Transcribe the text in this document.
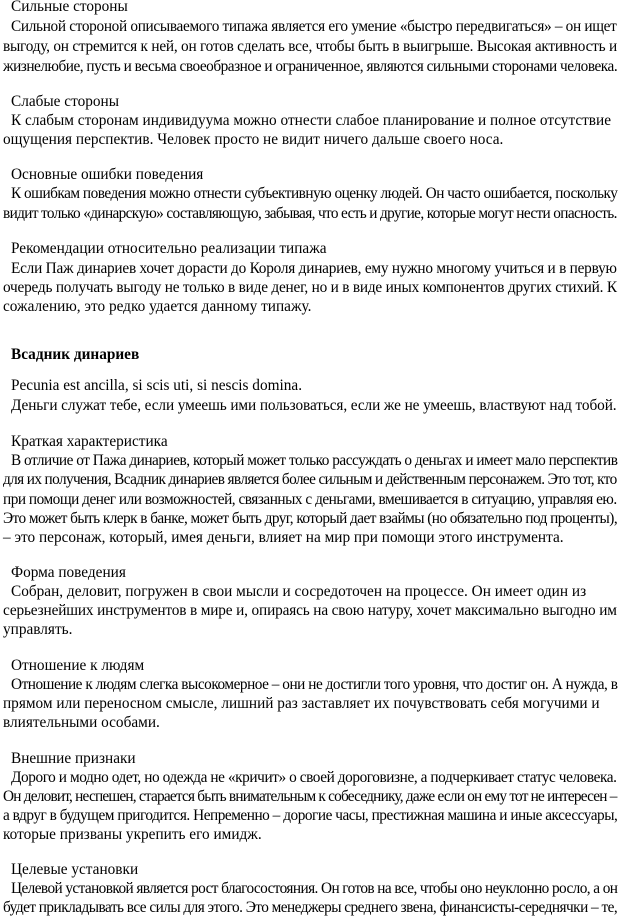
Сильные стороны
Сильной стороной описываемого типажа является его умение «быстро передвигаться» – он ищет
выгоду, он стремится к ней, он готов сделать все, чтобы быть в выигрыше. Высокая активность и
жизнелюбие, пусть и весьма своеобразное и ограниченное, являются сильными сторонами человека.
Слабые стороны
К слабым сторонам индивидуума можно отнести слабое планирование и полное отсутствие
ощущения перспектив. Человек просто не видит ничего дальше своего носа.
Основные ошибки поведения
К ошибкам поведения можно отнести субъективную оценку людей. Он часто ошибается, поскольку
видит только «динарскую» составляющую, забывая, что есть и другие, которые могут нести опасность.
Рекомендации относительно реализации типажа
Если Паж динариев хочет дорасти до Короля динариев, ему нужно многому учиться и в первую
очередь получать выгоду не только в виде денег, но и в виде иных компонентов других стихий. К
сожалению, это редко удается данному типажу.
Всадник динариев
Pecunia est ancilla, si scis uti, si nescis domina.
Деньги служат тебе, если умеешь ими пользоваться, если же не умеешь, властвуют над тобой.
Краткая характеристика
В отличие от Пажа динариев, который может только рассуждать о деньгах и имеет мало перспектив
для их получения, Всадник динариев является более сильным и действенным персонажем. Это тот, кто
при помощи денег или возможностей, связанных с деньгами, вмешивается в ситуацию, управляя ею.
Это может быть клерк в банке, может быть друг, который дает взаймы (но обязательно под проценты),
– это персонаж, который, имея деньги, влияет на мир при помощи этого инструмента.
Форма поведения
Собран, деловит, погружен в свои мысли и сосредоточен на процессе. Он имеет один из
серьезнейших инструментов в мире и, опираясь на свою натуру, хочет максимально выгодно им
управлять.
Отношение к людям
Отношение к людям слегка высокомерное – они не достигли того уровня, что достиг он. А нужда, в
прямом или переносном смысле, лишний раз заставляет их почувствовать себя могучими и
влиятельными особами.
Внешние признаки
Дорого и модно одет, но одежда не «кричит» о своей дороговизне, а подчеркивает статус человека.
Он деловит, неспешен, старается быть внимательным к собеседнику, даже если он ему тот не интересен –
а вдруг в будущем пригодится. Непременно – дорогие часы, престижная машина и иные аксессуары,
которые призваны укрепить его имидж.
Целевые установки
Целевой установкой является рост благосостояния. Он готов на все, чтобы оно неуклонно росло, а он
будет прикладывать все силы для этого. Это менеджеры среднего звена, финансисты-середнячки – те,
